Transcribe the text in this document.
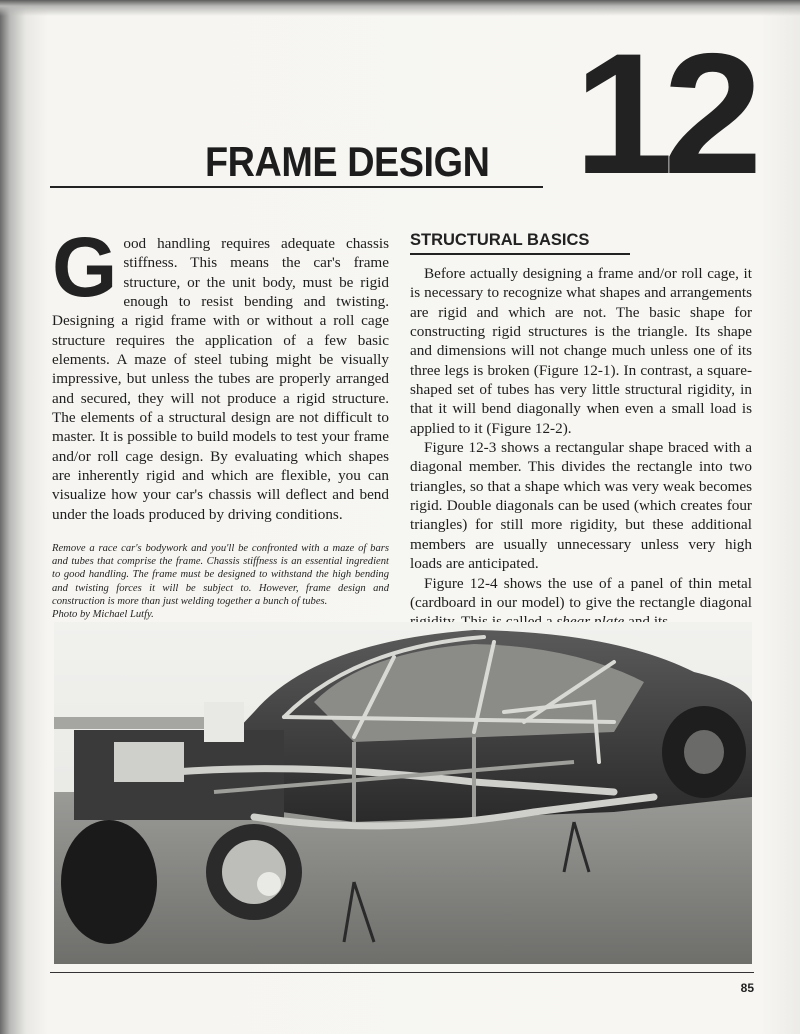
12
FRAME DESIGN
G ood handling requires adequate chassis stiffness. This means the car's frame structure, or the unit body, must be rigid enough to resist bending and twisting. Designing a rigid frame with or without a roll cage structure requires the application of a few basic elements. A maze of steel tubing might be visually impressive, but unless the tubes are properly arranged and secured, they will not produce a rigid structure. The elements of a structural design are not difficult to master. It is possible to build models to test your frame and/or roll cage design. By evaluating which shapes are inherently rigid and which are flexible, you can visualize how your car's chassis will deflect and bend under the loads produced by driving conditions.

Remove a race car's bodywork and you'll be confronted with a maze of bars and tubes that comprise the frame. Chassis stiffness is an essential ingredient to good handling. The frame must be designed to withstand the high bending and twisting forces it will be subject to. However, frame design and construction is more than just welding together a bunch of tubes.
Photo by Michael Lutfy.
STRUCTURAL BASICS

Before actually designing a frame and/or roll cage, it is necessary to recognize what shapes and arrangements are rigid and which are not. The basic shape for constructing rigid structures is the triangle. Its shape and dimensions will not change much unless one of its three legs is broken (Figure 12-1). In contrast, a square-shaped set of tubes has very little structural rigidity, in that it will bend diagonally when even a small load is applied to it (Figure 12-2).

Figure 12-3 shows a rectangular shape braced with a diagonal member. This divides the rectangle into two triangles, so that a shape which was very weak becomes rigid. Double diagonals can be used (which creates four triangles) for still more rigidity, but these additional members are usually unnecessary unless very high loads are anticipated.

Figure 12-4 shows the use of a panel of thin metal (cardboard in our model) to give the rectangle diagonal

85
